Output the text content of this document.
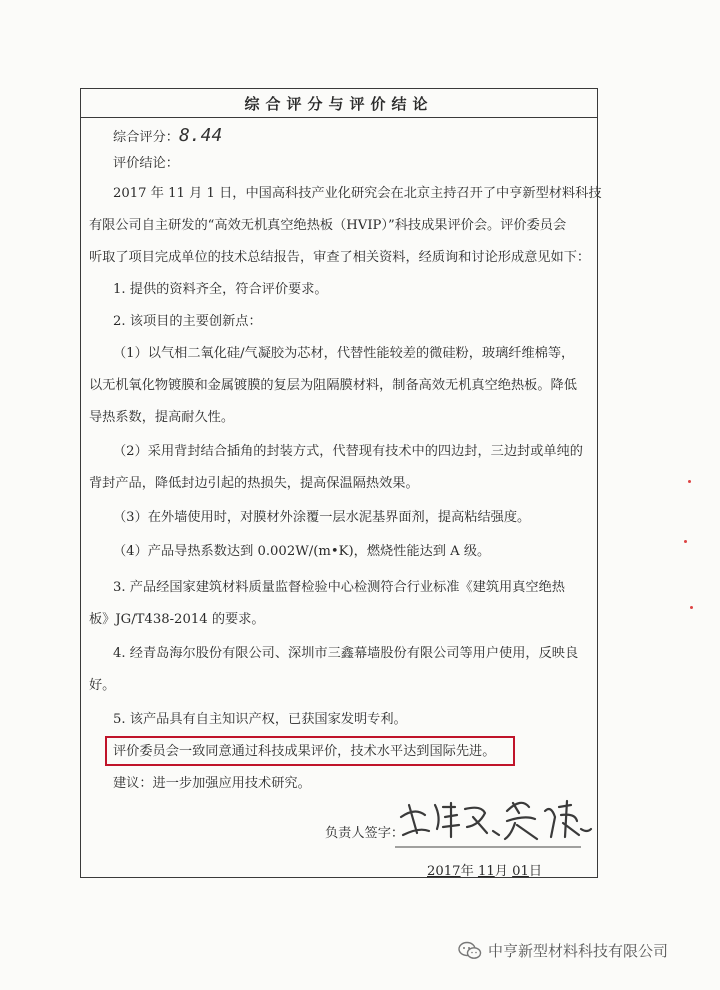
综合评分与评价结论

综合评分：8.44

评价结论：

2017 年 11 月 1 日，中国高科技产业化研究会在北京主持召开了中亨新型材料科技

有限公司自主研发的“高效无机真空绝热板（HVIP）”科技成果评价会。评价委员会

听取了项目完成单位的技术总结报告，审查了相关资料，经质询和讨论形成意见如下：

1. 提供的资料齐全，符合评价要求。

2. 该项目的主要创新点：

（1）以气相二氧化硅/气凝胶为芯材，代替性能较差的微硅粉，玻璃纤维棉等，

以无机氧化物镀膜和金属镀膜的复层为阻隔膜材料，制备高效无机真空绝热板。降低

导热系数，提高耐久性。

（2）采用背封结合插角的封装方式，代替现有技术中的四边封，三边封或单纯的

背封产品，降低封边引起的热损失，提高保温隔热效果。

（3）在外墙使用时，对膜材外涂覆一层水泥基界面剂，提高粘结强度。

（4）产品导热系数达到 0.002W/(m•K)，燃烧性能达到 A 级。

3. 产品经国家建筑材料质量监督检验中心检测符合行业标准《建筑用真空绝热

板》JG/T438-2014 的要求。

4. 经青岛海尔股份有限公司、深圳市三鑫幕墙股份有限公司等用户使用，反映良

好。

5. 该产品具有自主知识产权，已获国家发明专利。

评价委员会一致同意通过科技成果评价，技术水平达到国际先进。

建议：进一步加强应用技术研究。

负责人签字：

2017年 11月 01日

中亨新型材料科技有限公司
